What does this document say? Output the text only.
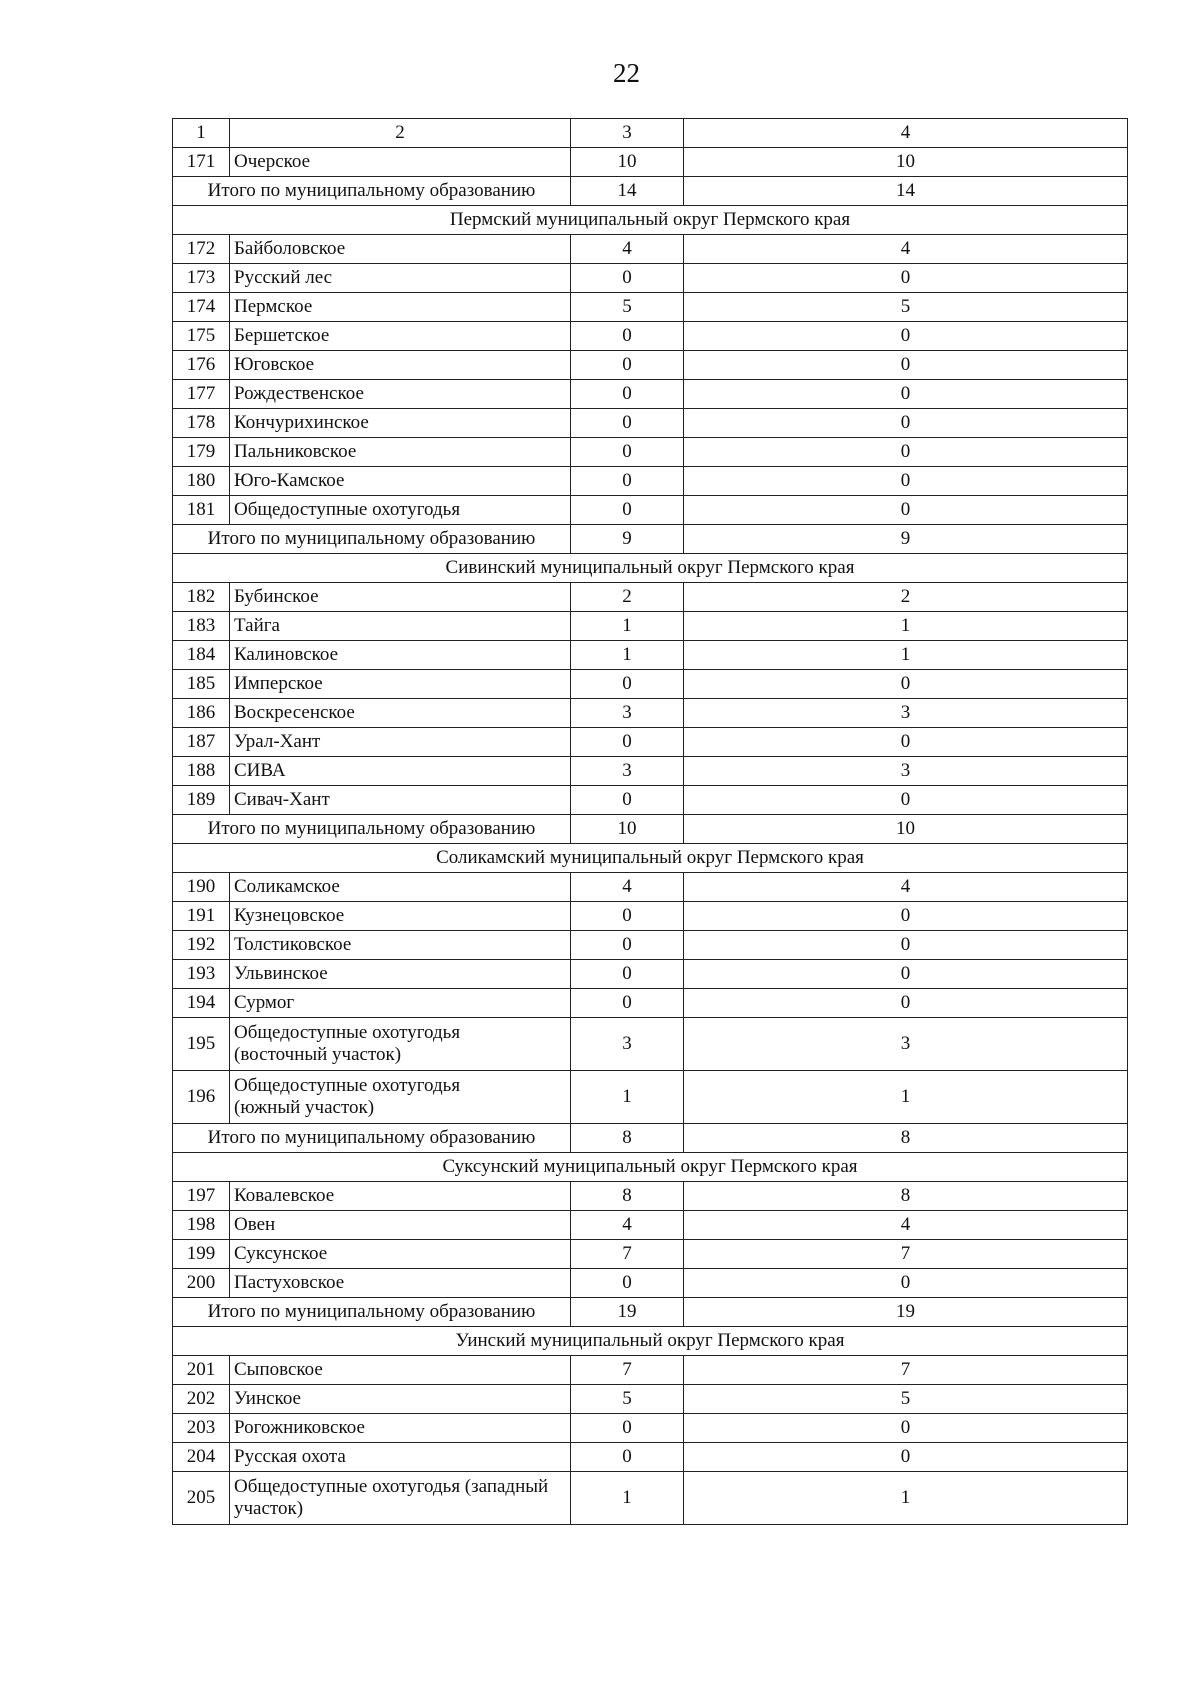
22
1	2	3	4
171	Очерское	10	10
Итого по муниципальному образованию		14	14
Пермский муниципальный округ Пермского края			
172	Байболовское	4	4
173	Русский лес	0	0
174	Пермское	5	5
175	Бершетское	0	0
176	Юговское	0	0
177	Рождественское	0	0
178	Кончурихинское	0	0
179	Пальниковское	0	0
180	Юго-Камское	0	0
181	Общедоступные охотугодья	0	0
Итого по муниципальному образованию		9	9
Сивинский муниципальный округ Пермского края			
182	Бубинское	2	2
183	Тайга	1	1
184	Калиновское	1	1
185	Имперское	0	0
186	Воскресенское	3	3
187	Урал-Хант	0	0
188	СИВА	3	3
189	Сивач-Хант	0	0
Итого по муниципальному образованию		10	10
Соликамский муниципальный округ Пермского края			
190	Соликамское	4	4
191	Кузнецовское	0	0
192	Толстиковское	0	0
193	Ульвинское	0	0
194	Сурмог	0	0
195	Общедоступные охотугодья
(восточный участок)	3	3
196	Общедоступные охотугодья
(южный участок)	1	1
Итого по муниципальному образованию		8	8
Суксунский муниципальный округ Пермского края			
197	Ковалевское	8	8
198	Овен	4	4
199	Суксунское	7	7
200	Пастуховское	0	0
Итого по муниципальному образованию		19	19
Уинский муниципальный округ Пермского края			
201	Сыповское	7	7
202	Уинское	5	5
203	Рогожниковское	0	0
204	Русская охота	0	0
205	Общедоступные охотугодья (западный
участок)	1	1
